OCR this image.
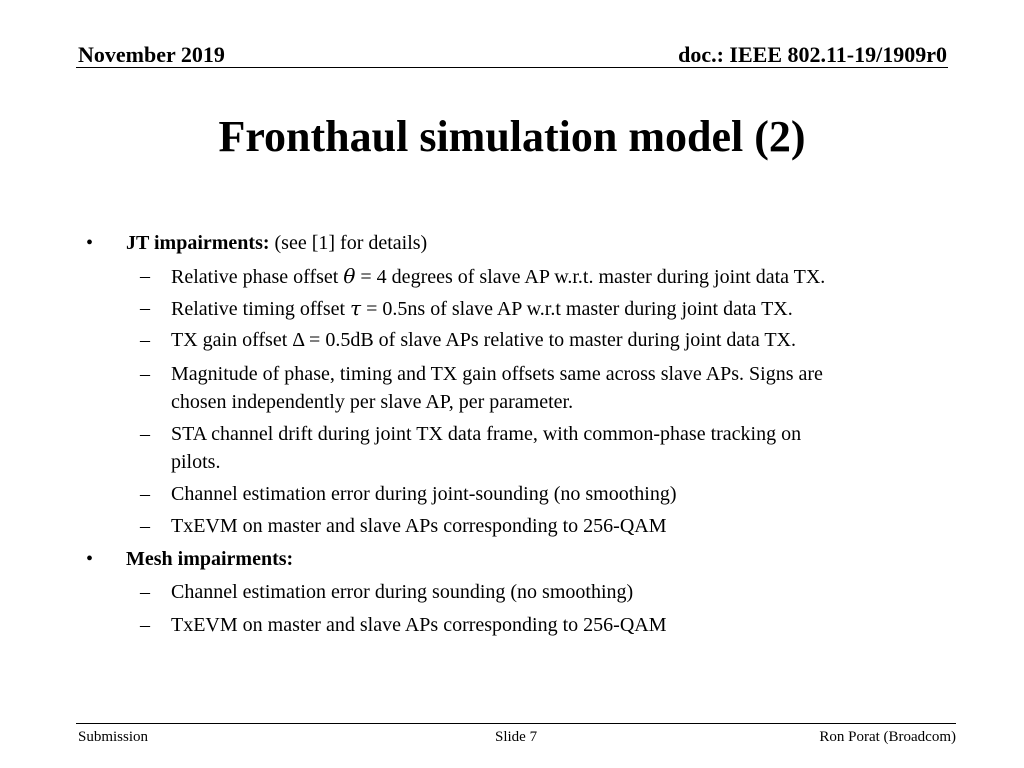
November 2019	doc.: IEEE 802.11-19/1909r0
Fronthaul simulation model (2)
• JT impairments: (see [1] for details)
– Relative phase offset θ = 4 degrees of slave AP w.r.t. master during joint data TX.
– Relative timing offset τ = 0.5ns of slave AP w.r.t master during joint data TX.
– TX gain offset Δ = 0.5dB of slave APs relative to master during joint data TX.
– Magnitude of phase, timing and TX gain offsets same across slave APs. Signs are
chosen independently per slave AP, per parameter.
– STA channel drift during joint TX data frame, with common-phase tracking on
pilots.
– Channel estimation error during joint-sounding (no smoothing)
– TxEVM on master and slave APs corresponding to 256-QAM
• Mesh impairments:
– Channel estimation error during sounding (no smoothing)
– TxEVM on master and slave APs corresponding to 256-QAM
Submission	Slide 7	Ron Porat (Broadcom)
